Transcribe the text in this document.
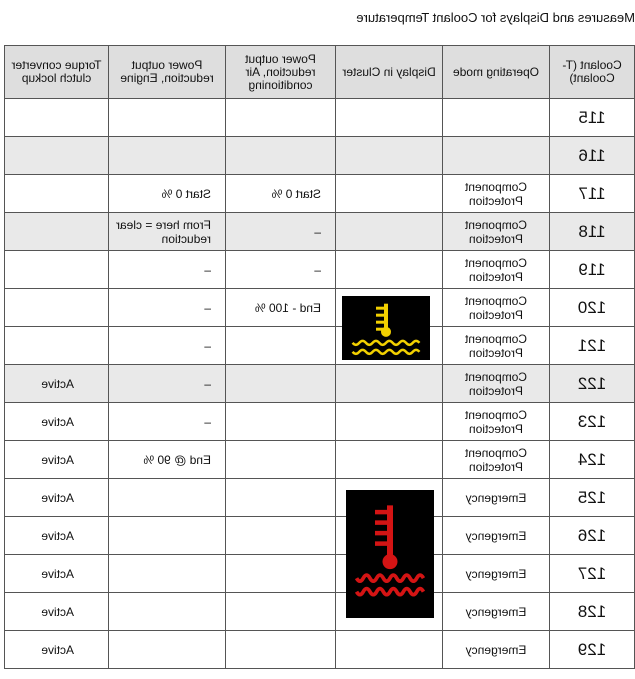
Measures and Displays for Coolant Temperature
Coolant (T-Coolant)	Operating mode	Display in Cluster	Power output reduction, Air conditioning	Power output reduction, Engine	Torque converter clutch lockup
115					
116					
117	Component Protection		Start 0 %	Start 0 %	
118	Component Protection		–	From here = clear reduction	
119	Component Protection		–	–	
120	Component Protection		End - 100 %	–	
121	Component Protection			–	
122	Component Protection			–	Active
123	Component Protection			–	Active
124	Component Protection			End @ 90 %	Active
125	Emergency				Active
126	Emergency				Active
127	Emergency				Active
128	Emergency				Active
129	Emergency				Active
